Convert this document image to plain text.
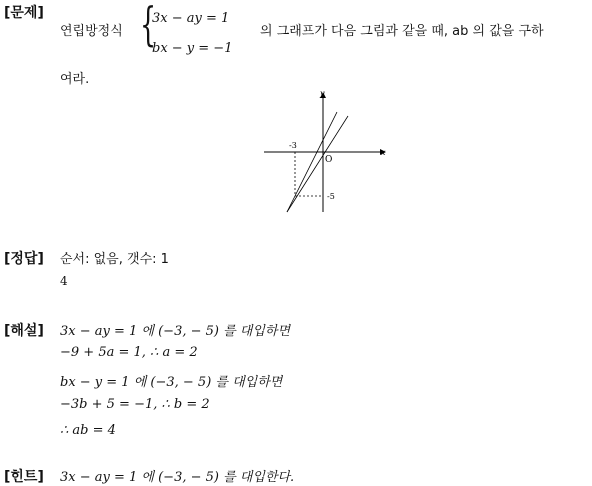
[문제]
연립방정식 {
3x − ay = 1
bx − y = −1
의 그래프가 다음 그림과 같을 때, ab 의 값을 구하
여라.
y
x
O
-3
-5
[정답] 순서: 없음, 갯수: 1
4
[해설] 3x − ay = 1 에 (−3, − 5) 를 대입하면
−9 + 5a = 1, ∴ a = 2
bx − y = 1 에 (−3, − 5) 를 대입하면
−3b + 5 = −1, ∴ b = 2
∴ ab = 4
[힌트] 3x − ay = 1 에 (−3, − 5) 를 대입한다.
